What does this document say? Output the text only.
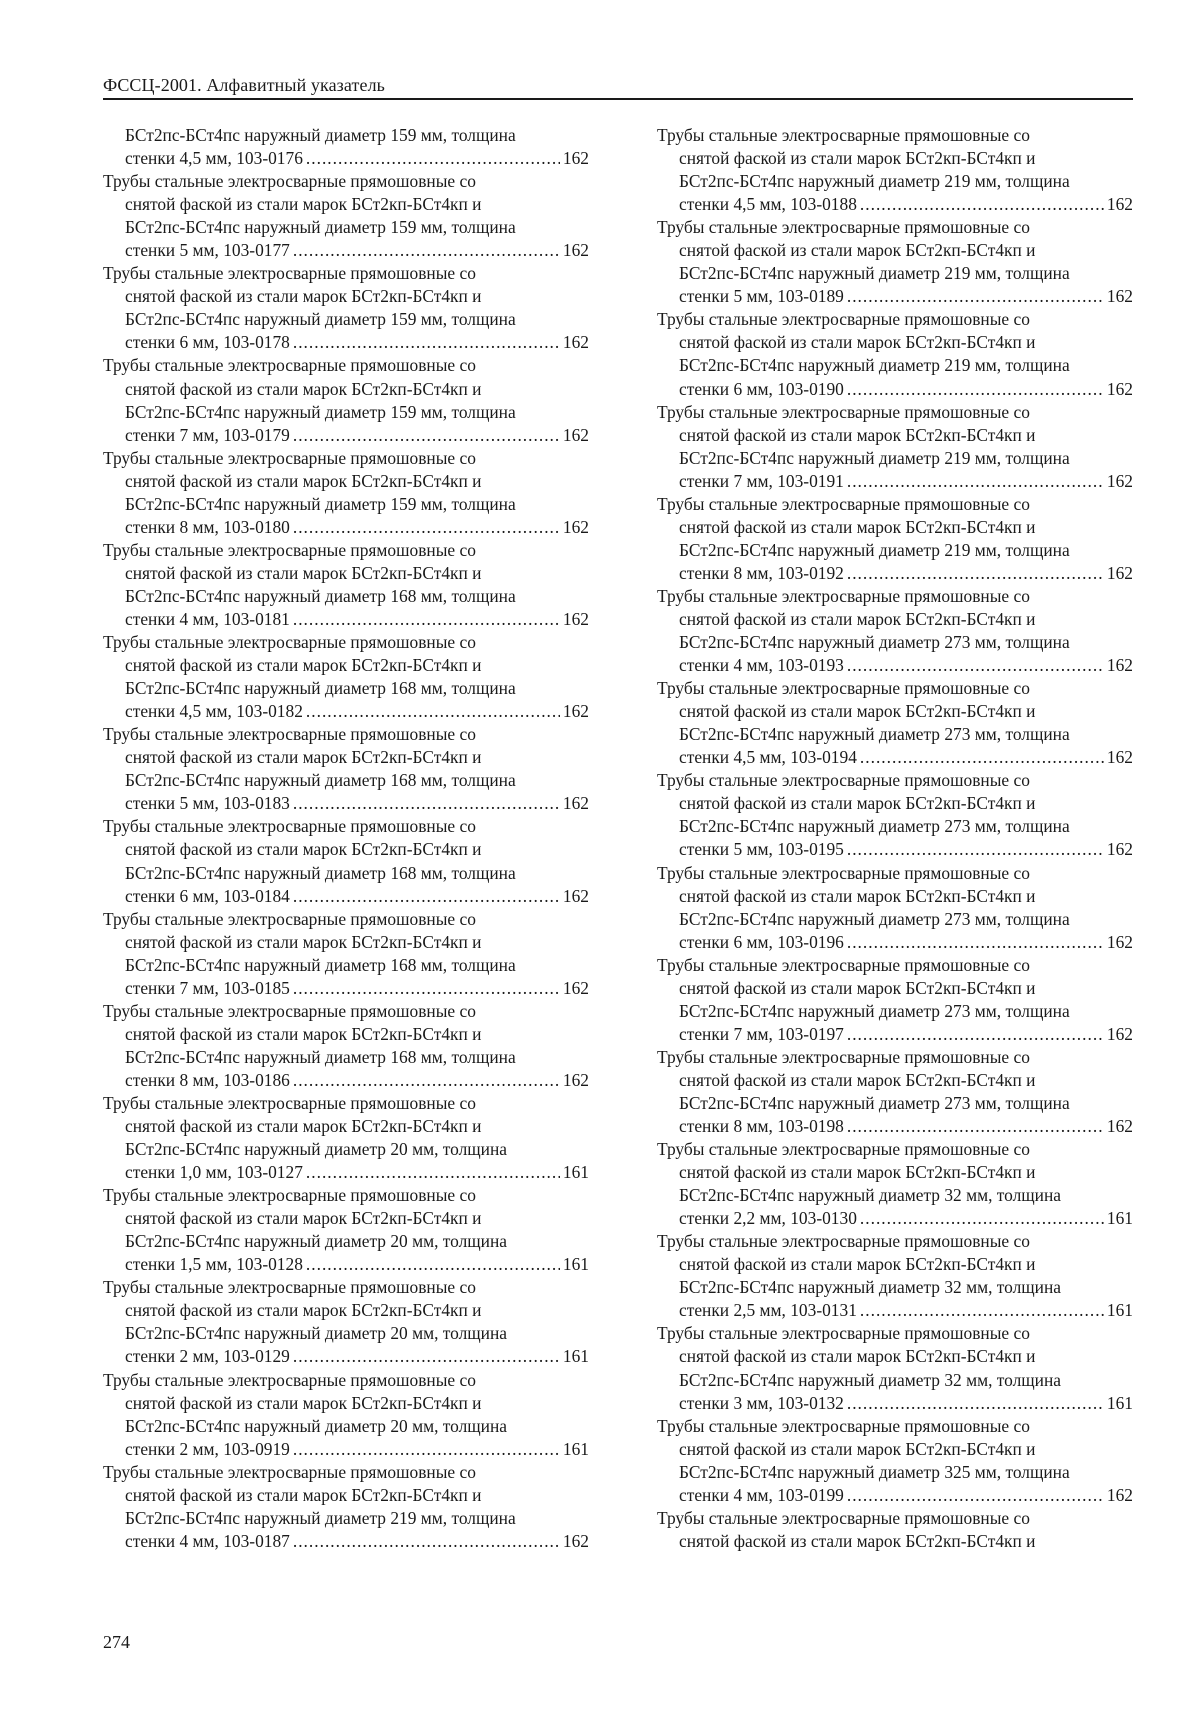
ФССЦ-2001. Алфавитный указатель
БСт2пс-БСт4пс наружный диаметр 159 мм, толщина
стенки 4,5 мм, 103-0176 .....	162
Трубы стальные электросварные прямошовные со
снятой фаской из стали марок БСт2кп-БСт4кп и
БСт2пс-БСт4пс наружный диаметр 159 мм, толщина
стенки 5 мм, 103-0177 .....	162
Трубы стальные электросварные прямошовные со
снятой фаской из стали марок БСт2кп-БСт4кп и
БСт2пс-БСт4пс наружный диаметр 159 мм, толщина
стенки 6 мм, 103-0178 .....	162
Трубы стальные электросварные прямошовные со
снятой фаской из стали марок БСт2кп-БСт4кп и
БСт2пс-БСт4пс наружный диаметр 159 мм, толщина
стенки 7 мм, 103-0179 .....	162
Трубы стальные электросварные прямошовные со
снятой фаской из стали марок БСт2кп-БСт4кп и
БСт2пс-БСт4пс наружный диаметр 159 мм, толщина
стенки 8 мм, 103-0180 .....	162
Трубы стальные электросварные прямошовные со
снятой фаской из стали марок БСт2кп-БСт4кп и
БСт2пс-БСт4пс наружный диаметр 168 мм, толщина
стенки 4 мм, 103-0181 .....	162
Трубы стальные электросварные прямошовные со
снятой фаской из стали марок БСт2кп-БСт4кп и
БСт2пс-БСт4пс наружный диаметр 168 мм, толщина
стенки 4,5 мм, 103-0182 .....	162
Трубы стальные электросварные прямошовные со
снятой фаской из стали марок БСт2кп-БСт4кп и
БСт2пс-БСт4пс наружный диаметр 168 мм, толщина
стенки 5 мм, 103-0183 .....	162
Трубы стальные электросварные прямошовные со
снятой фаской из стали марок БСт2кп-БСт4кп и
БСт2пс-БСт4пс наружный диаметр 168 мм, толщина
стенки 6 мм, 103-0184 .....	162
Трубы стальные электросварные прямошовные со
снятой фаской из стали марок БСт2кп-БСт4кп и
БСт2пс-БСт4пс наружный диаметр 168 мм, толщина
стенки 7 мм, 103-0185 .....	162
Трубы стальные электросварные прямошовные со
снятой фаской из стали марок БСт2кп-БСт4кп и
БСт2пс-БСт4пс наружный диаметр 168 мм, толщина
стенки 8 мм, 103-0186 .....	162
Трубы стальные электросварные прямошовные со
снятой фаской из стали марок БСт2кп-БСт4кп и
БСт2пс-БСт4пс наружный диаметр 20 мм, толщина
стенки 1,0 мм, 103-0127 .....	161
Трубы стальные электросварные прямошовные со
снятой фаской из стали марок БСт2кп-БСт4кп и
БСт2пс-БСт4пс наружный диаметр 20 мм, толщина
стенки 1,5 мм, 103-0128 .....	161
Трубы стальные электросварные прямошовные со
снятой фаской из стали марок БСт2кп-БСт4кп и
БСт2пс-БСт4пс наружный диаметр 20 мм, толщина
стенки 2 мм, 103-0129 .....	161
Трубы стальные электросварные прямошовные со
снятой фаской из стали марок БСт2кп-БСт4кп и
БСт2пс-БСт4пс наружный диаметр 20 мм, толщина
стенки 2 мм, 103-0919 .....	161
Трубы стальные электросварные прямошовные со
снятой фаской из стали марок БСт2кп-БСт4кп и
БСт2пс-БСт4пс наружный диаметр 219 мм, толщина
стенки 4 мм, 103-0187 .....	162
Трубы стальные электросварные прямошовные со
снятой фаской из стали марок БСт2кп-БСт4кп и
БСт2пс-БСт4пс наружный диаметр 219 мм, толщина
стенки 4,5 мм, 103-0188 .....	162
Трубы стальные электросварные прямошовные со
снятой фаской из стали марок БСт2кп-БСт4кп и
БСт2пс-БСт4пс наружный диаметр 219 мм, толщина
стенки 5 мм, 103-0189 .....	162
Трубы стальные электросварные прямошовные со
снятой фаской из стали марок БСт2кп-БСт4кп и
БСт2пс-БСт4пс наружный диаметр 219 мм, толщина
стенки 6 мм, 103-0190 .....	162
Трубы стальные электросварные прямошовные со
снятой фаской из стали марок БСт2кп-БСт4кп и
БСт2пс-БСт4пс наружный диаметр 219 мм, толщина
стенки 7 мм, 103-0191 .....	162
Трубы стальные электросварные прямошовные со
снятой фаской из стали марок БСт2кп-БСт4кп и
БСт2пс-БСт4пс наружный диаметр 219 мм, толщина
стенки 8 мм, 103-0192 .....	162
Трубы стальные электросварные прямошовные со
снятой фаской из стали марок БСт2кп-БСт4кп и
БСт2пс-БСт4пс наружный диаметр 273 мм, толщина
стенки 4 мм, 103-0193 .....	162
Трубы стальные электросварные прямошовные со
снятой фаской из стали марок БСт2кп-БСт4кп и
БСт2пс-БСт4пс наружный диаметр 273 мм, толщина
стенки 4,5 мм, 103-0194 .....	162
Трубы стальные электросварные прямошовные со
снятой фаской из стали марок БСт2кп-БСт4кп и
БСт2пс-БСт4пс наружный диаметр 273 мм, толщина
стенки 5 мм, 103-0195 .....	162
Трубы стальные электросварные прямошовные со
снятой фаской из стали марок БСт2кп-БСт4кп и
БСт2пс-БСт4пс наружный диаметр 273 мм, толщина
стенки 6 мм, 103-0196 .....	162
Трубы стальные электросварные прямошовные со
снятой фаской из стали марок БСт2кп-БСт4кп и
БСт2пс-БСт4пс наружный диаметр 273 мм, толщина
стенки 7 мм, 103-0197 .....	162
Трубы стальные электросварные прямошовные со
снятой фаской из стали марок БСт2кп-БСт4кп и
БСт2пс-БСт4пс наружный диаметр 273 мм, толщина
стенки 8 мм, 103-0198 .....	162
Трубы стальные электросварные прямошовные со
снятой фаской из стали марок БСт2кп-БСт4кп и
БСт2пс-БСт4пс наружный диаметр 32 мм, толщина
стенки 2,2 мм, 103-0130 .....	161
Трубы стальные электросварные прямошовные со
снятой фаской из стали марок БСт2кп-БСт4кп и
БСт2пс-БСт4пс наружный диаметр 32 мм, толщина
стенки 2,5 мм, 103-0131 .....	161
Трубы стальные электросварные прямошовные со
снятой фаской из стали марок БСт2кп-БСт4кп и
БСт2пс-БСт4пс наружный диаметр 32 мм, толщина
стенки 3 мм, 103-0132 .....	161
Трубы стальные электросварные прямошовные со
снятой фаской из стали марок БСт2кп-БСт4кп и
БСт2пс-БСт4пс наружный диаметр 325 мм, толщина
стенки 4 мм, 103-0199 .....	162
Трубы стальные электросварные прямошовные со
снятой фаской из стали марок БСт2кп-БСт4кп и
274
